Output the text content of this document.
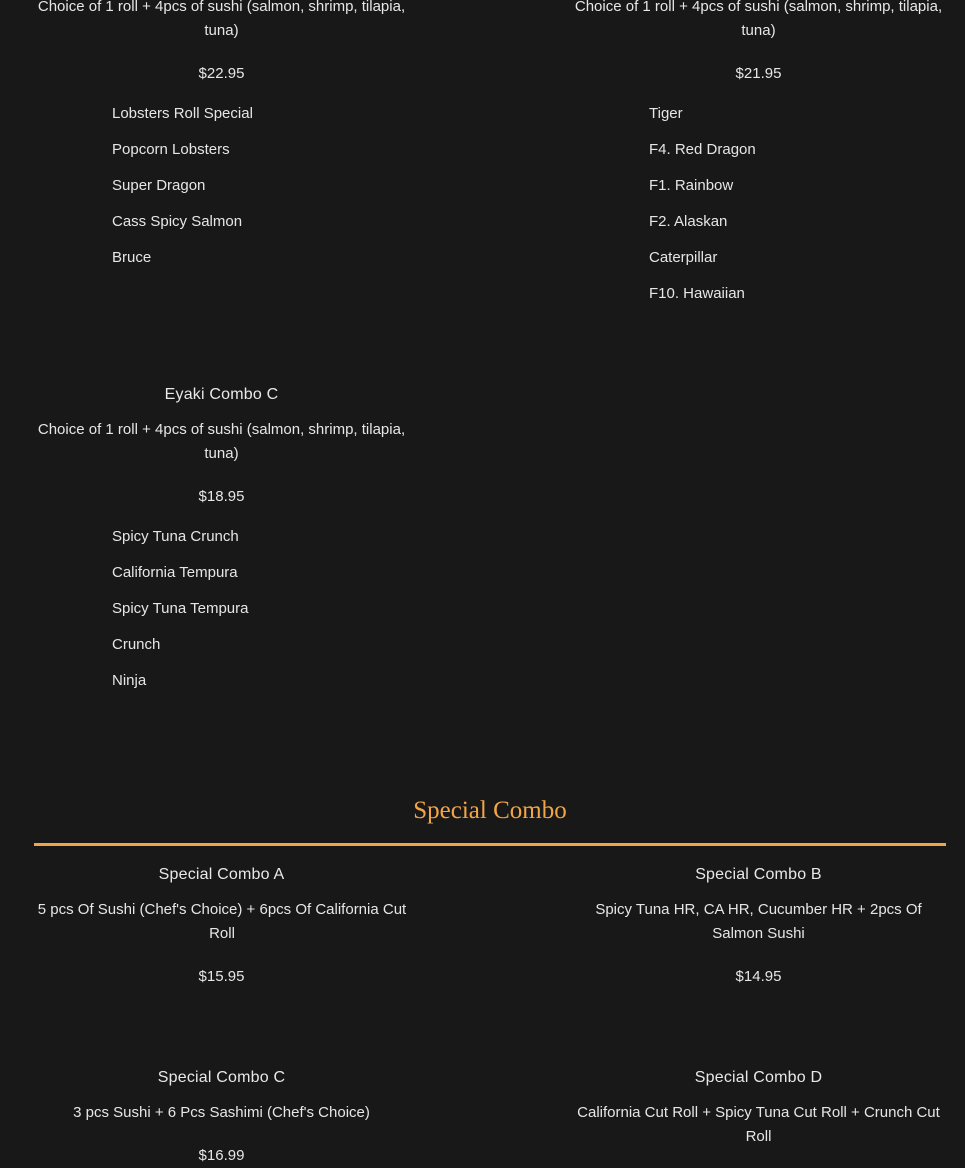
Choice of 1 roll + 4pcs of sushi (salmon, shrimp, tilapia, tuna)
$22.95
Lobsters Roll Special
Popcorn Lobsters
Super Dragon
Cass Spicy Salmon
Bruce
Choice of 1 roll + 4pcs of sushi (salmon, shrimp, tilapia, tuna)
$21.95
Tiger
F4. Red Dragon
F1. Rainbow
F2. Alaskan
Caterpillar
F10. Hawaiian
Eyaki Combo C
Choice of 1 roll + 4pcs of sushi (salmon, shrimp, tilapia, tuna)
$18.95
Spicy Tuna Crunch
California Tempura
Spicy Tuna Tempura
Crunch
Ninja
Special Combo
Special Combo A
5 pcs Of Sushi (Chef's Choice) + 6pcs Of California Cut Roll
$15.95
Special Combo B
Spicy Tuna HR, CA HR, Cucumber HR + 2pcs Of Salmon Sushi
$14.95
Special Combo C
3 pcs Sushi + 6 Pcs Sashimi (Chef's Choice)
$16.99
Special Combo D
California Cut Roll + Spicy Tuna Cut Roll + Crunch Cut Roll
